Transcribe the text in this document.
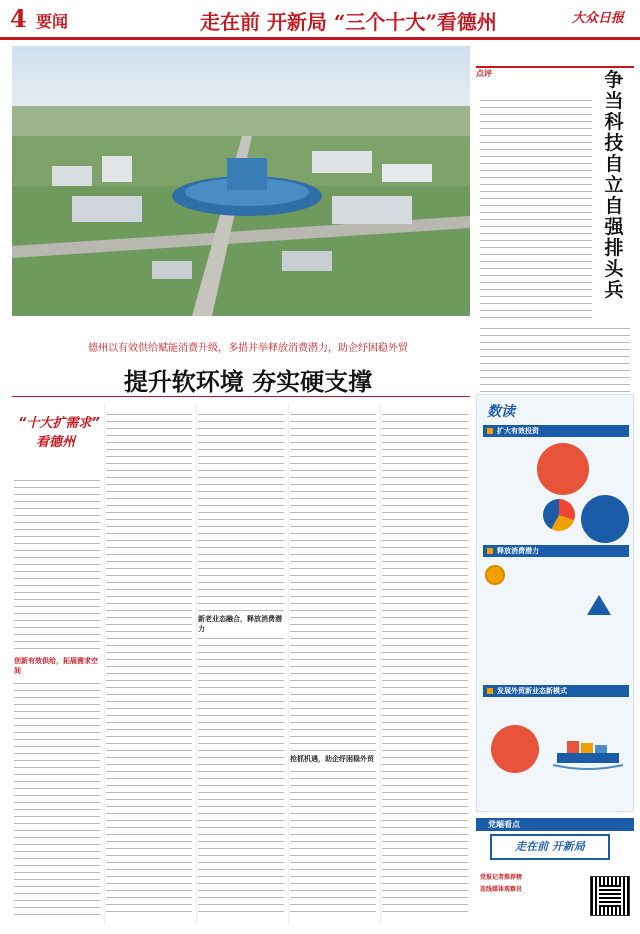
4 要闻	走在前 开新局 “三个十大”看德州	大众日报
德州以有效供给赋能消费升级，多措并举释放消费潜力，助企纾困稳外贸
提升软环境 夯实硬支撑
“十大扩需求”
看德州
创新有效供给，拓展需求空间
新老业态融合，释放消费潜力
抢抓机遇，助企纾困稳外贸
点评	争当科技自立自强排头兵
数读
扩大有效投资
释放消费潜力
发展外贸新业态新模式
党端看点
走在前 开新局
党报记者推荐榜
连线媒体观察员
